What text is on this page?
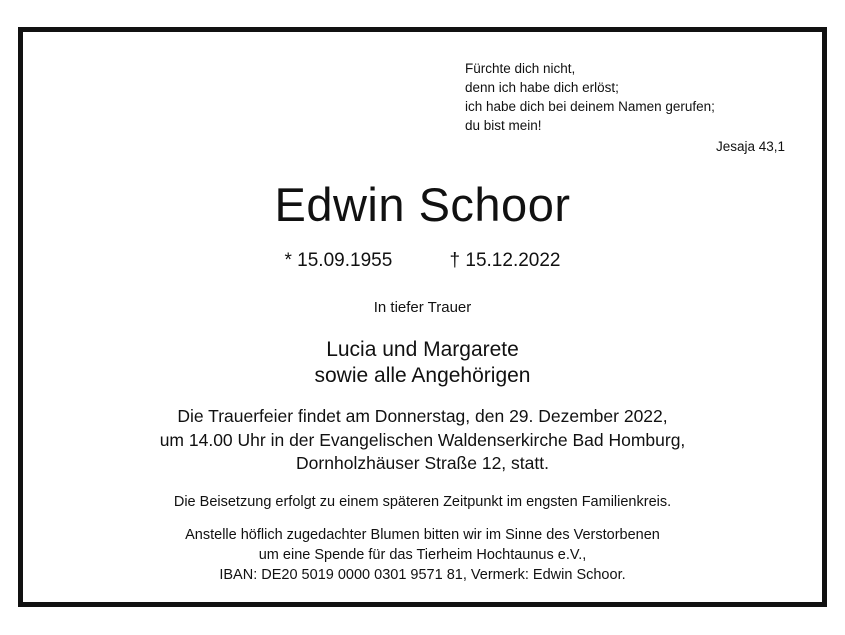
Fürchte dich nicht,
denn ich habe dich erlöst;
ich habe dich bei deinem Namen gerufen;
du bist mein!
Jesaja 43,1
Edwin Schoor
* 15.09.1955	† 15.12.2022
In tiefer Trauer
Lucia und Margarete
sowie alle Angehörigen
Die Trauerfeier findet am Donnerstag, den 29. Dezember 2022,
um 14.00 Uhr in der Evangelischen Waldenserkirche Bad Homburg,
Dornholzhäuser Straße 12, statt.
Die Beisetzung erfolgt zu einem späteren Zeitpunkt im engsten Familienkreis.
Anstelle höflich zugedachter Blumen bitten wir im Sinne des Verstorbenen
um eine Spende für das Tierheim Hochtaunus e.V.,
IBAN: DE20 5019 0000 0301 9571 81, Vermerk: Edwin Schoor.
